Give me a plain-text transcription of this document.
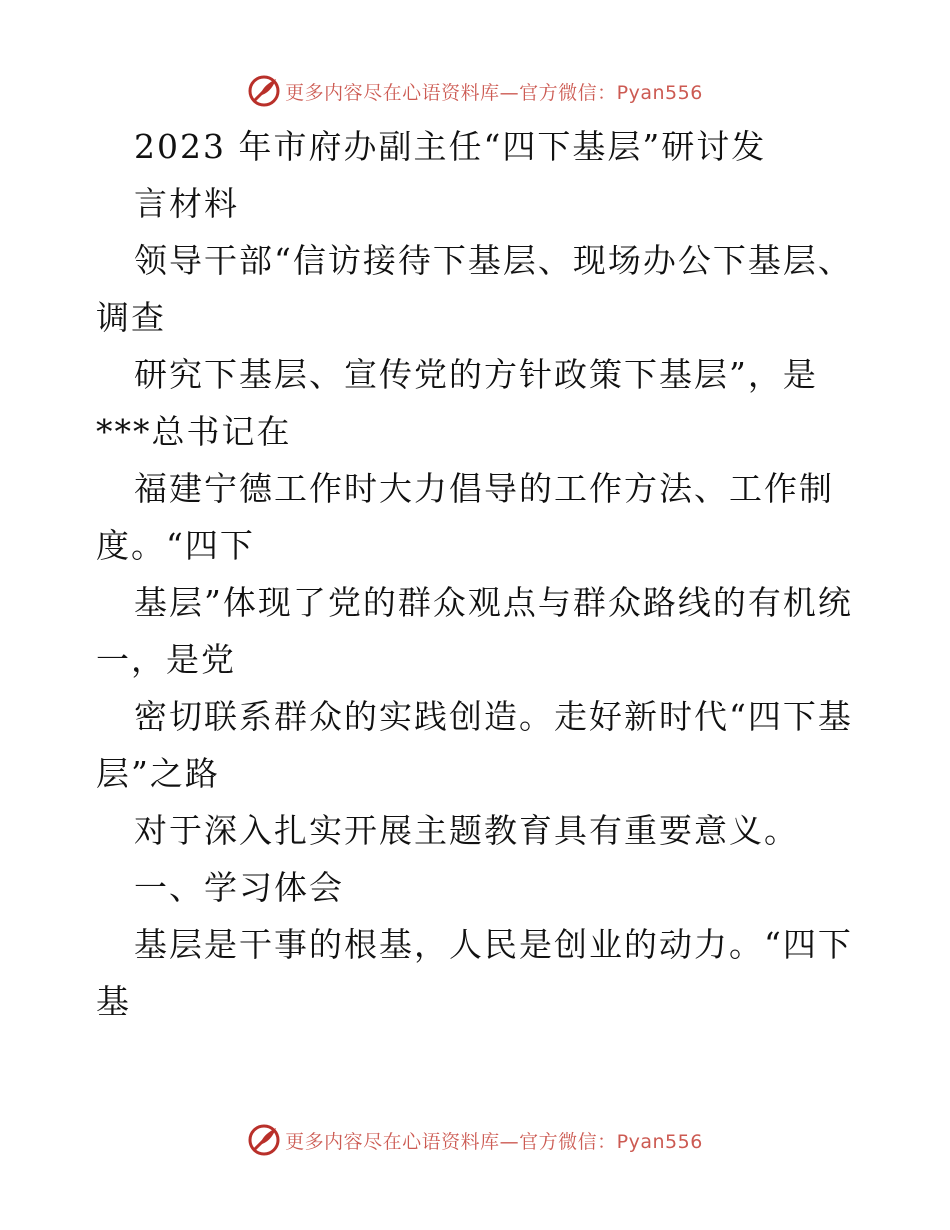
更多内容尽在心语资料库—官方微信：Pyan556
2023 年市府办副主任“四下基层”研讨发
言材料
领导干部“信访接待下基层、现场办公下基层、
调查
研究下基层、宣传党的方针政策下基层”，是
***总书记在
福建宁德工作时大力倡导的工作方法、工作制
度。“四下
基层”体现了党的群众观点与群众路线的有机统
一，是党
密切联系群众的实践创造。走好新时代“四下基
层”之路
对于深入扎实开展主题教育具有重要意义。
一、学习体会
基层是干事的根基，人民是创业的动力。“四下
基
更多内容尽在心语资料库—官方微信：Pyan556
